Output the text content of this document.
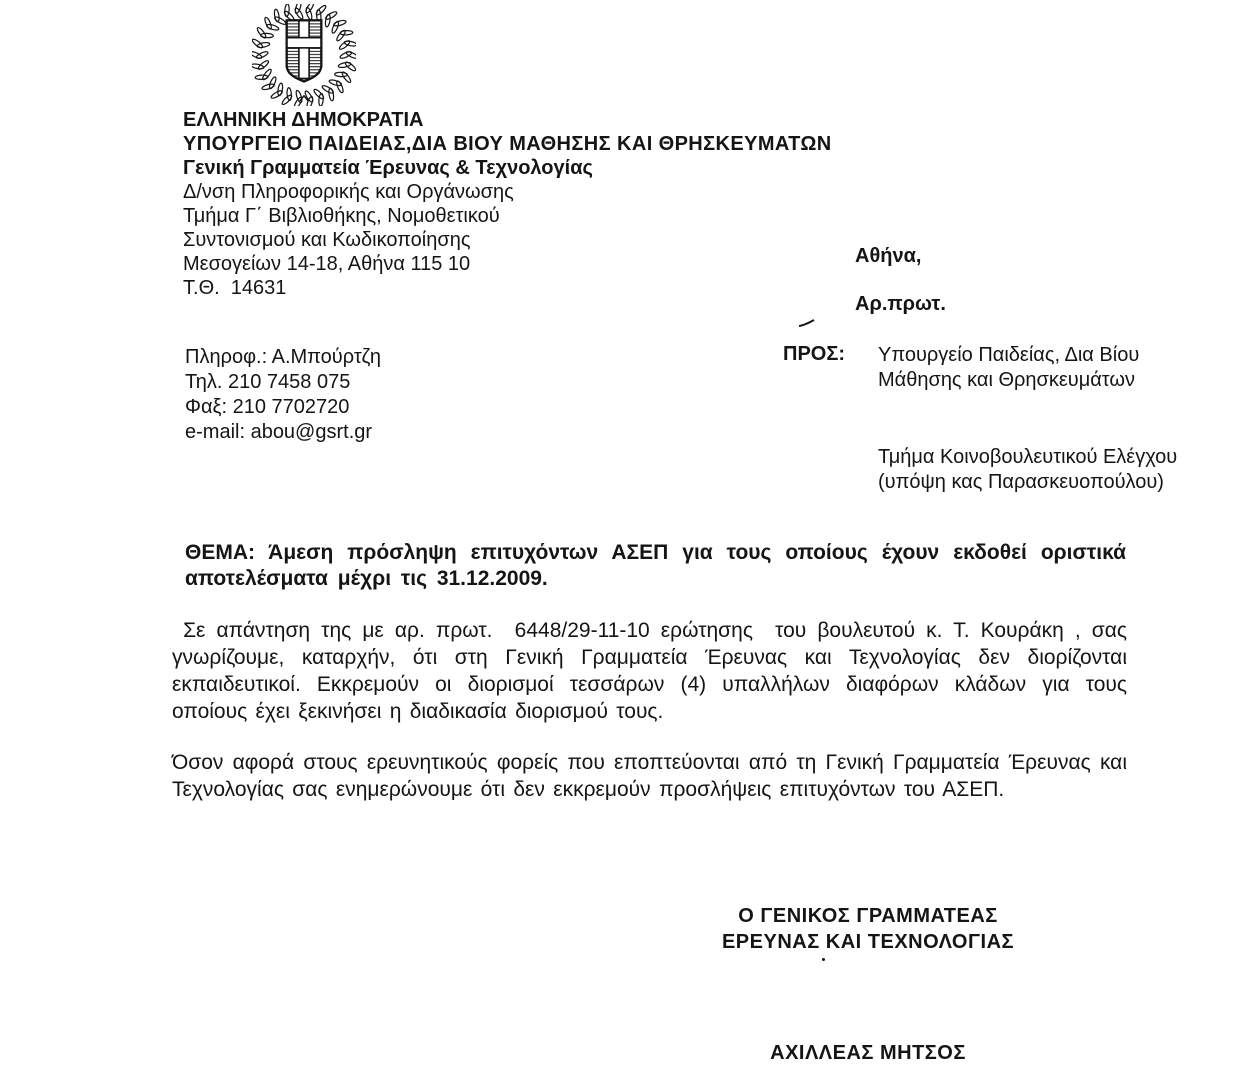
ΕΛΛΗΝΙΚΗ ΔΗΜΟΚΡΑΤΙΑ
ΥΠΟΥΡΓΕΙΟ ΠΑΙΔΕΙΑΣ,ΔΙΑ ΒΙΟΥ ΜΑΘΗΣΗΣ ΚΑΙ ΘΡΗΣΚΕΥΜΑΤΩΝ
Γενική Γραμματεία Έρευνας & Τεχνολογίας
Δ/νση Πληροφορικής και Οργάνωσης
Τμήμα Γ΄ Βιβλιοθήκης, Νομοθετικού
Συντονισμού και Κωδικοποίησης
Μεσογείων 14-18, Αθήνα 115 10
Τ.Θ.  14631
Αθήνα,
Αρ.πρωτ.
Πληροφ.: Α.Μπούρτζη
Τηλ. 210 7458 075
Φαξ: 210 7702720
e-mail: abou@gsrt.gr
ΠΡΟΣ: Υπουργείο Παιδείας, Δια Βίου
Μάθησης και Θρησκευμάτων
Τμήμα Κοινοβουλευτικού Ελέγχου
(υπόψη κας Παρασκευοπούλου)
ΘΕΜΑ: Άμεση πρόσληψη επιτυχόντων ΑΣΕΠ για τους οποίους έχουν εκδοθεί οριστικά αποτελέσματα μέχρι τις 31.12.2009.
Σε απάντηση της με αρ. πρωτ.  6448/29-11-10 ερώτησης  του βουλευτού κ. Τ. Κουράκη , σας γνωρίζουμε, καταρχήν, ότι στη Γενική Γραμματεία Έρευνας και Τεχνολογίας δεν διορίζονται εκπαιδευτικοί. Εκκρεμούν οι διορισμοί τεσσάρων (4) υπαλλήλων διαφόρων κλάδων για τους οποίους έχει ξεκινήσει η διαδικασία διορισμού τους.
Όσον αφορά στους ερευνητικούς φορείς που εποπτεύονται από τη Γενική Γραμματεία Έρευνας και Τεχνολογίας σας ενημερώνουμε ότι δεν εκκρεμούν προσλήψεις επιτυχόντων του ΑΣΕΠ.
Ο ΓΕΝΙΚΟΣ ΓΡΑΜΜΑΤΕΑΣ
ΕΡΕΥΝΑΣ ΚΑΙ ΤΕΧΝΟΛΟΓΙΑΣ
ΑΧΙΛΛΕΑΣ ΜΗΤΣΟΣ
